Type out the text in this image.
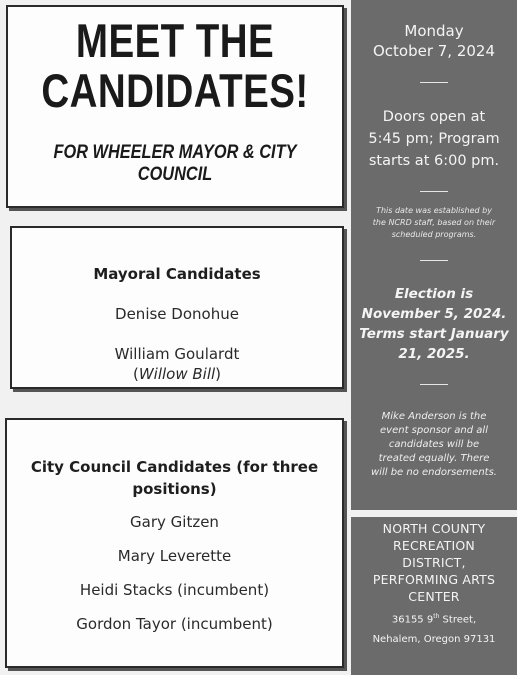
MEET THE
CANDIDATES!
FOR WHEELER MAYOR & CITY
COUNCIL
Mayoral Candidates
Denise Donohue
William Goulardt
(Willow Bill)
City Council Candidates (for three
positions)
Gary Gitzen
Mary Leverette
Heidi Stacks (incumbent)
Gordon Tayor (incumbent)
Monday
October 7, 2024
Doors open at
5:45 pm; Program
starts at 6:00 pm.
This date was established by
the NCRD staff, based on their
scheduled programs.
Election is
November 5, 2024.
Terms start January
21, 2025.
Mike Anderson is the
event sponsor and all
candidates will be
treated equally. There
will be no endorsements.
NORTH COUNTY
RECREATION
DISTRICT,
PERFORMING ARTS
CENTER
36155 9th Street,
Nehalem, Oregon 97131
